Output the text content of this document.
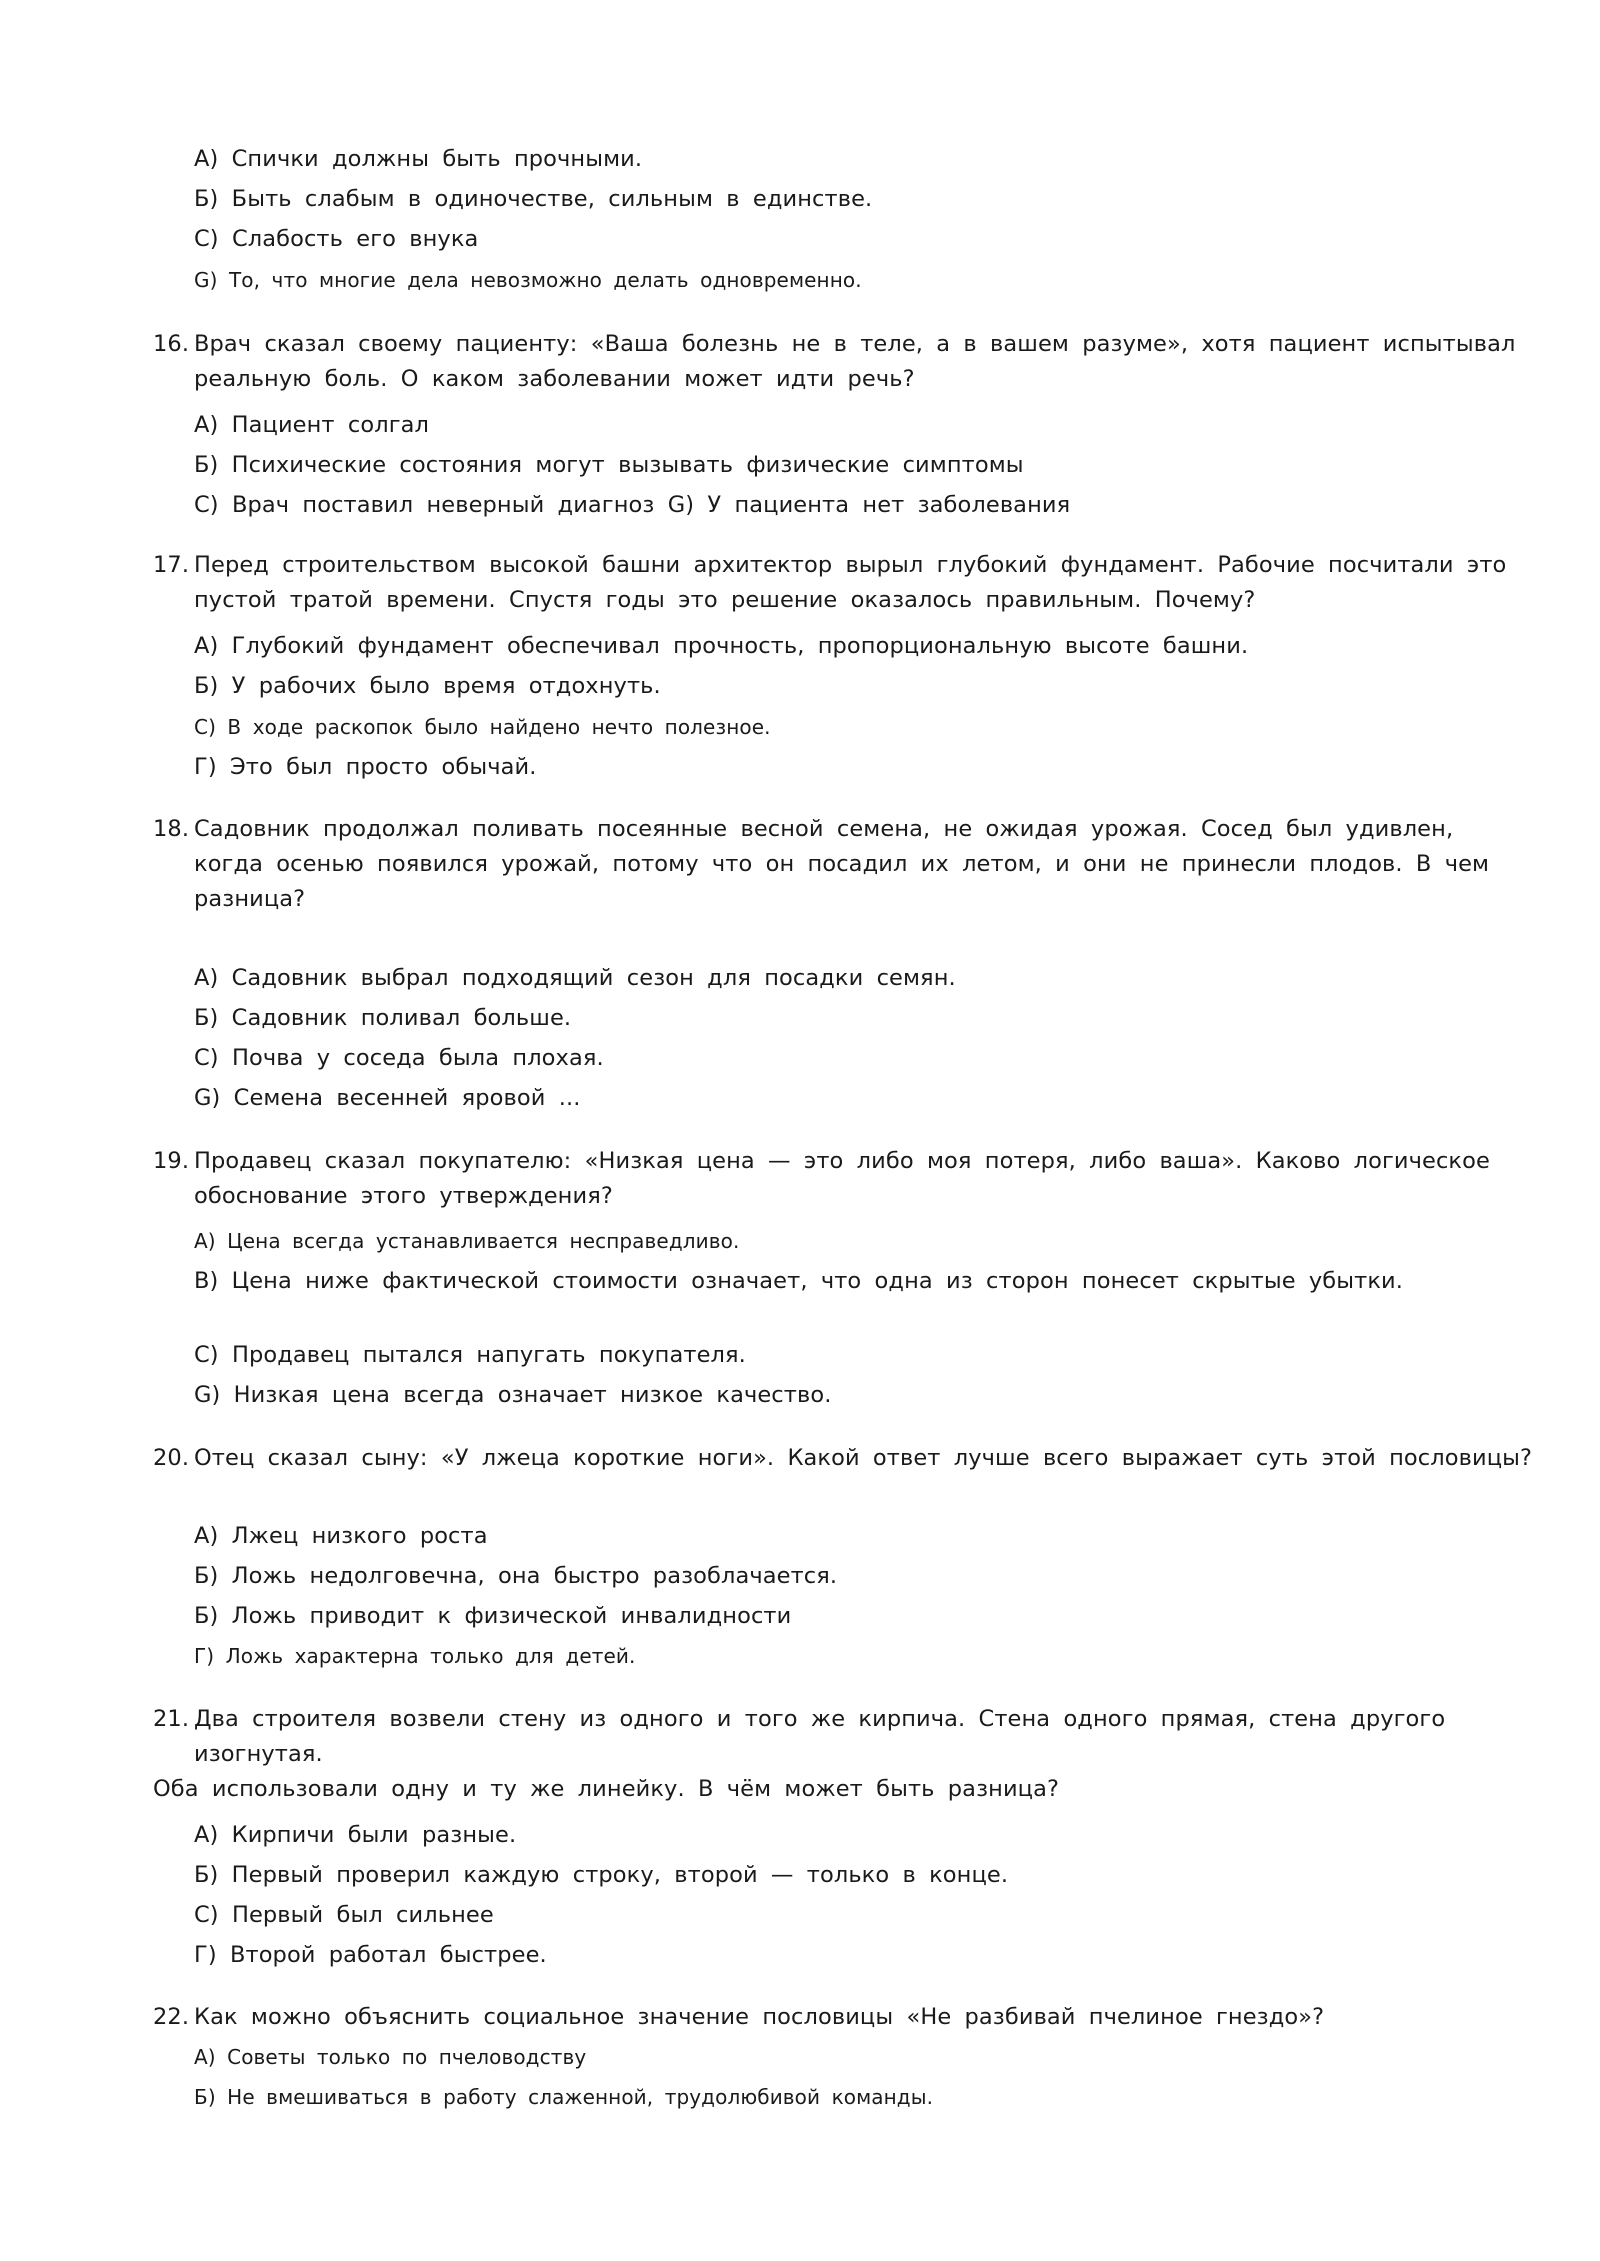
А) Спички должны быть прочными.

Б) Быть слабым в одиночестве, сильным в единстве.

С) Слабость его внука

G) То, что многие дела невозможно делать одновременно.

16. Врач сказал своему пациенту: «Ваша болезнь не в теле, а в вашем разуме», хотя пациент испытывал

реальную боль. О каком заболевании может идти речь?

А) Пациент солгал

Б) Психические состояния могут вызывать физические симптомы

С) Врач поставил неверный диагноз G) У пациента нет заболевания

17. Перед строительством высокой башни архитектор вырыл глубокий фундамент. Рабочие посчитали это

пустой тратой времени. Спустя годы это решение оказалось правильным. Почему?

А) Глубокий фундамент обеспечивал прочность, пропорциональную высоте башни.

Б) У рабочих было время отдохнуть.

С) В ходе раскопок было найдено нечто полезное.

Г) Это был просто обычай.

18. Садовник продолжал поливать посеянные весной семена, не ожидая урожая. Сосед был удивлен,

когда осенью появился урожай, потому что он посадил их летом, и они не принесли плодов. В чем

разница?

А) Садовник выбрал подходящий сезон для посадки семян.

Б) Садовник поливал больше.

С) Почва у соседа была плохая.

G) Семена весенней яровой ...

19. Продавец сказал покупателю: «Низкая цена — это либо моя потеря, либо ваша». Каково логическое

обоснование этого утверждения?

А) Цена всегда устанавливается несправедливо.

В) Цена ниже фактической стоимости означает, что одна из сторон понесет скрытые убытки.

С) Продавец пытался напугать покупателя.

G) Низкая цена всегда означает низкое качество.

20. Отец сказал сыну: «У лжеца короткие ноги». Какой ответ лучше всего выражает суть этой пословицы?

А) Лжец низкого роста

Б) Ложь недолговечна, она быстро разоблачается.

Б) Ложь приводит к физической инвалидности

Г) Ложь характерна только для детей.

21. Два строителя возвели стену из одного и того же кирпича. Стена одного прямая, стена другого

изогнутая.

Оба использовали одну и ту же линейку. В чём может быть разница?

А) Кирпичи были разные.

Б) Первый проверил каждую строку, второй — только в конце.

С) Первый был сильнее

Г) Второй работал быстрее.

22. Как можно объяснить социальное значение пословицы «Не разбивай пчелиное гнездо»?

А) Советы только по пчеловодству

Б) Не вмешиваться в работу слаженной, трудолюбивой команды.
